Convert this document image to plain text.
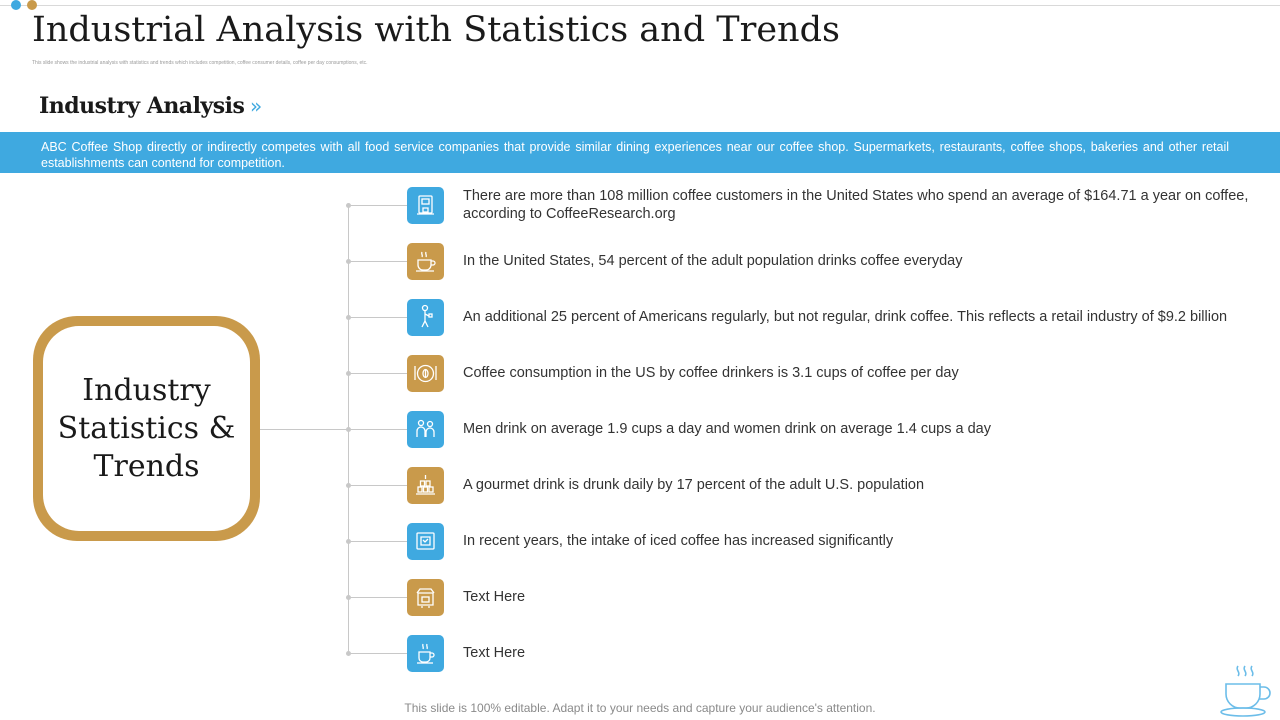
Industrial Analysis with Statistics and Trends
This slide shows the industrial analysis with statistics and trends which includes competition, coffee consumer details, coffee per day consumptions, etc.
Industry Analysis »
ABC Coffee Shop directly or indirectly competes with all food service companies that provide similar dining experiences near our coffee shop. Supermarkets, restaurants, coffee shops, bakeries and other retail establishments can contend for competition.
Industry Statistics & Trends
There are more than 108 million coffee customers in the United States who spend an average of $164.71 a year on coffee, according to CoffeeResearch.org
In the United States, 54 percent of the adult population drinks coffee everyday
An additional 25 percent of Americans regularly, but not regular, drink coffee. This reflects a retail industry of $9.2 billion
Coffee consumption in the US by coffee drinkers is 3.1 cups of coffee per day
Men drink on average 1.9 cups a day and women drink on average 1.4 cups a day
A gourmet drink is drunk daily by 17 percent of the adult U.S. population
In recent years, the intake of iced coffee has increased significantly
Text Here
Text Here
This slide is 100% editable. Adapt it to your needs and capture your audience's attention.
